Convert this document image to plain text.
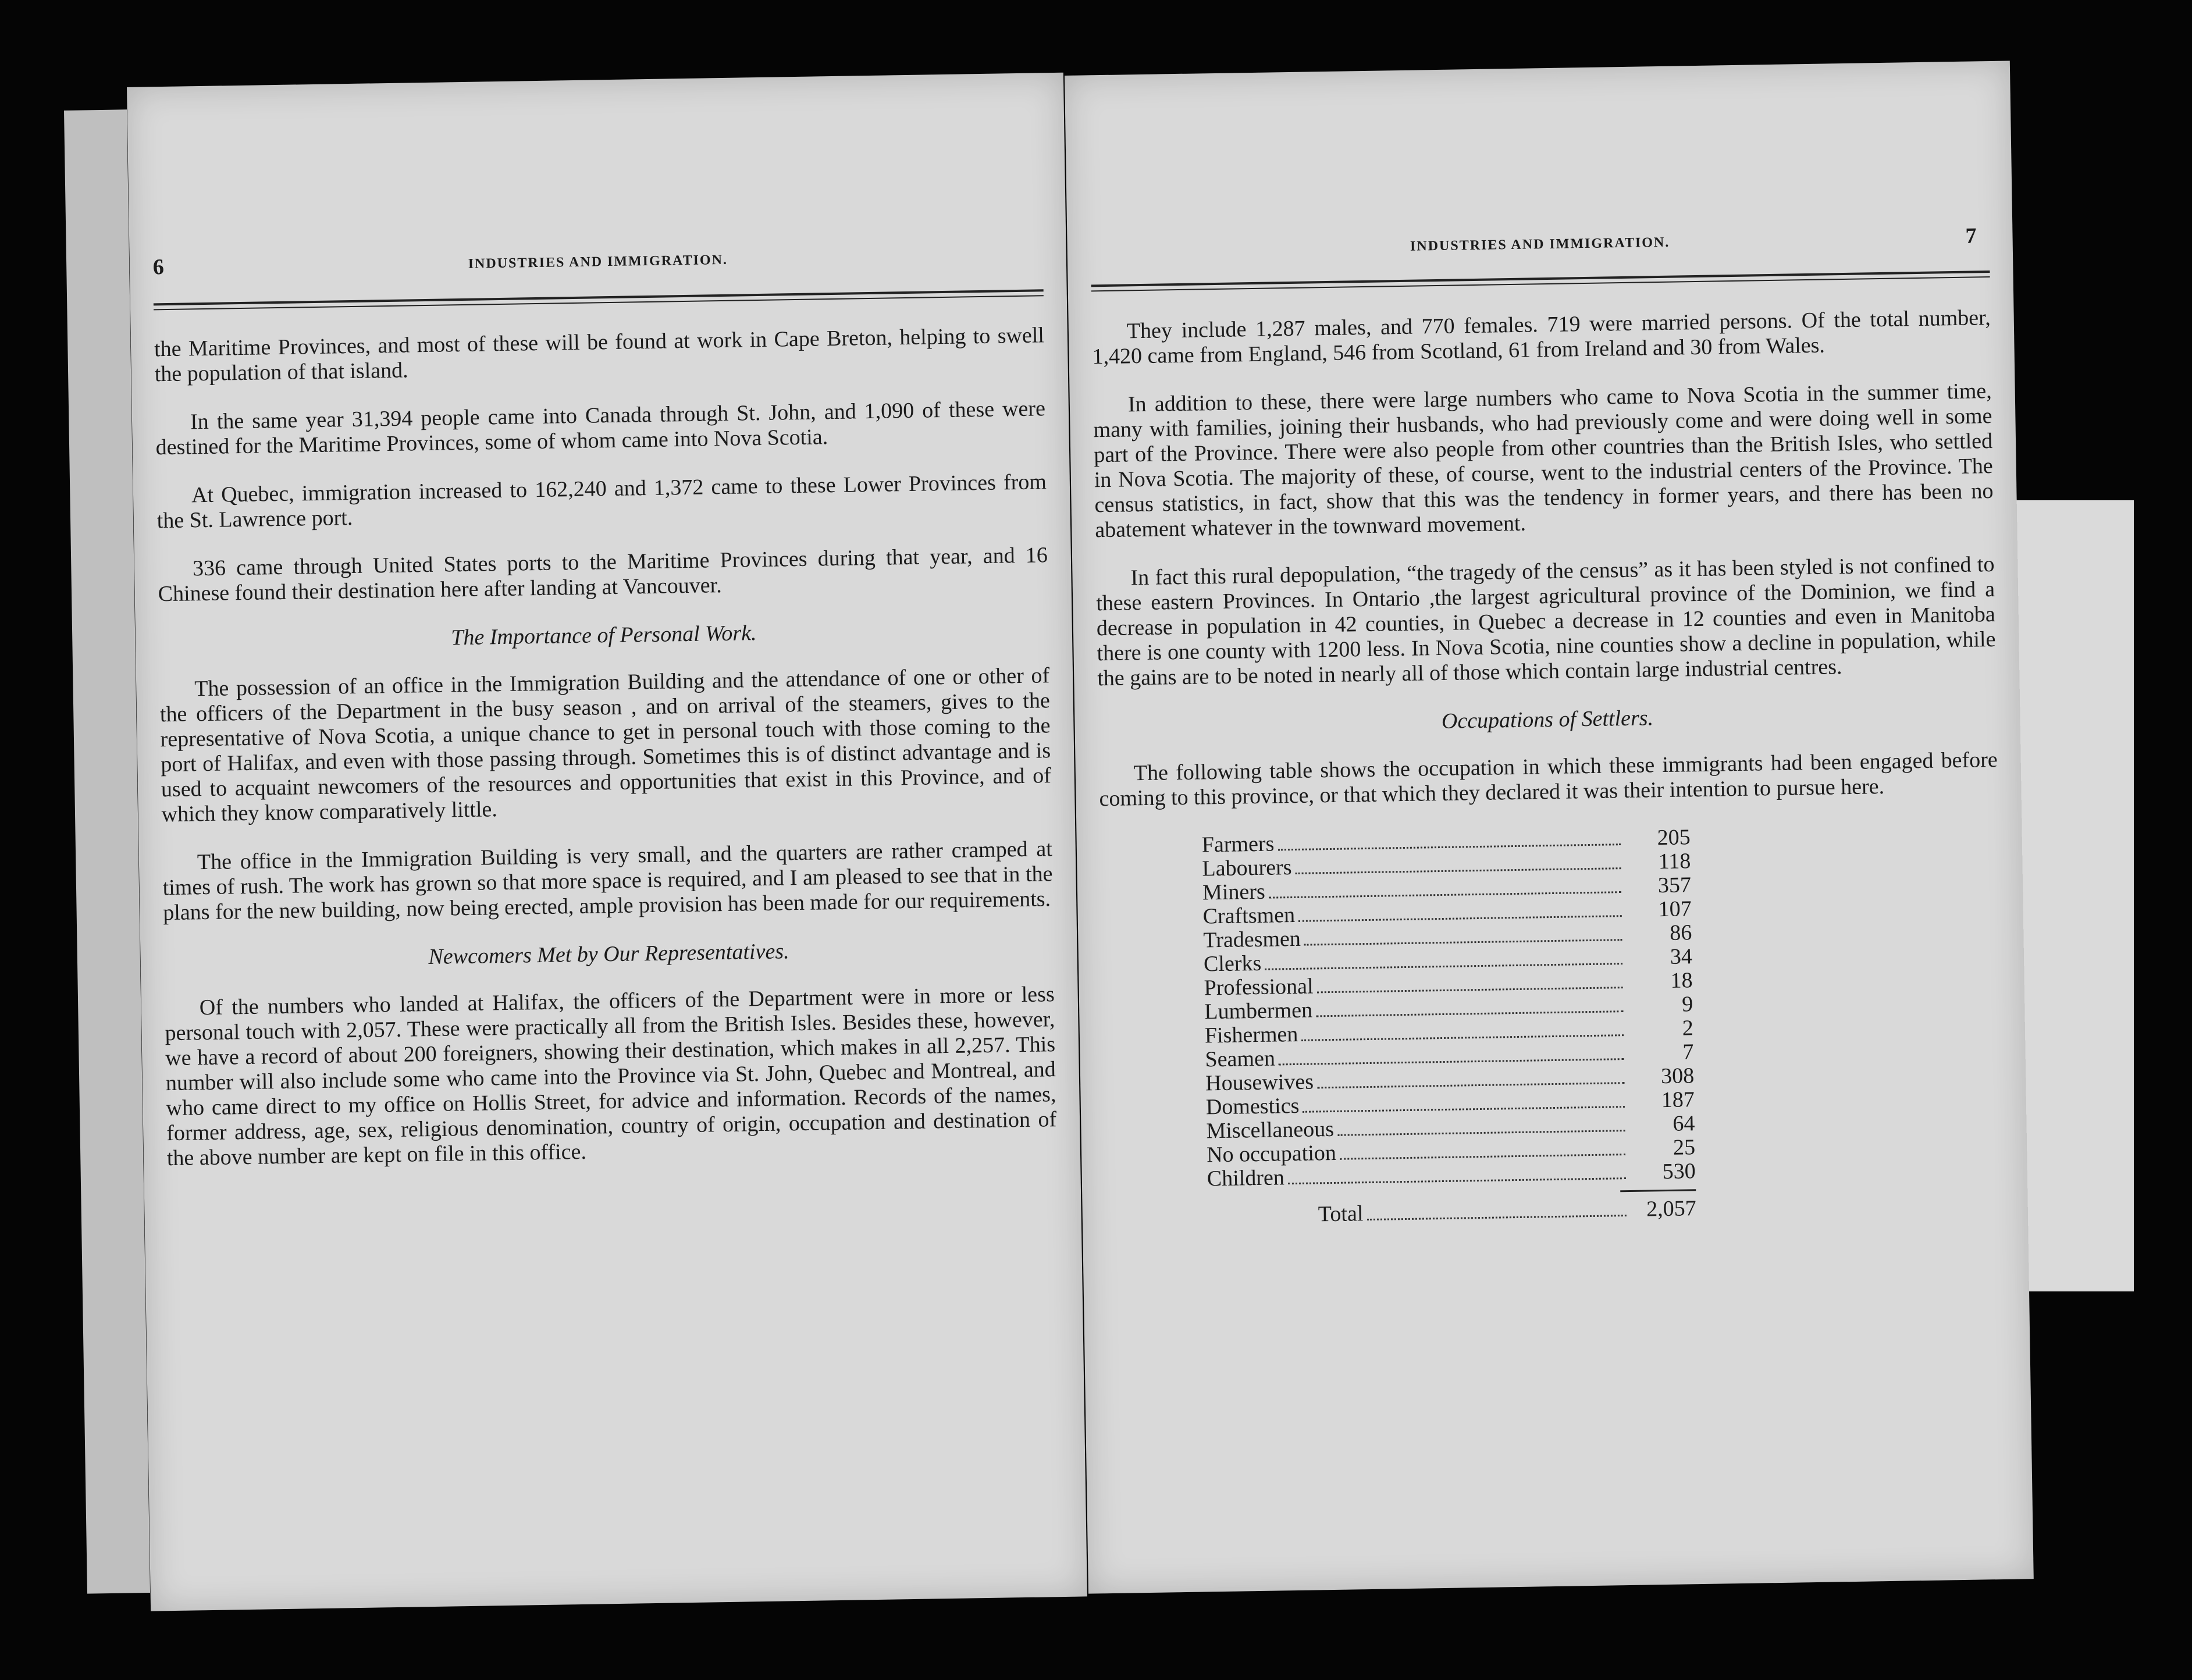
6	INDUSTRIES AND IMMIGRATION.

the Maritime Provinces, and most of these will be found at work in Cape Breton, helping to swell the population of that island.

In the same year 31,394 people came into Canada through St. John, and 1,090 of these were destined for the Maritime Provinces, some of whom came into Nova Scotia.

At Quebec, immigration increased to 162,240 and 1,372 came to these Lower Provinces from the St. Lawrence port.

336 came through United States ports to the Maritime Provinces during that year, and 16 Chinese found their destination here after landing at Vancouver.

The Importance of Personal Work.

The possession of an office in the Immigration Building and the attendance of one or other of the officers of the Department in the busy season , and on arrival of the steamers, gives to the representative of Nova Scotia, a unique chance to get in personal touch with those coming to the port of Halifax, and even with those passing through. Sometimes this is of distinct advantage and is used to acquaint newcomers of the resources and opportunities that exist in this Province, and of which they know comparatively little.

The office in the Immigration Building is very small, and the quarters are rather cramped at times of rush. The work has grown so that more space is required, and I am pleased to see that in the plans for the new building, now being erected, ample provision has been made for our requirements.

Newcomers Met by Our Representatives.

Of the numbers who landed at Halifax, the officers of the Department were in more or less personal touch with 2,057. These were practically all from the British Isles. Besides these, however, we have a record of about 200 foreigners, showing their destination, which makes in all 2,257. This number will also include some who came into the Province via St. John, Quebec and Montreal, and who came direct to my office on Hollis Street, for advice and information. Records of the names, former address, age, sex, religious denomination, country of origin, occupation and destination of the above number are kept on file in this office.

INDUSTRIES AND IMMIGRATION.	7

They include 1,287 males, and 770 females. 719 were married persons. Of the total number, 1,420 came from England, 546 from Scotland, 61 from Ireland and 30 from Wales.

In addition to these, there were large numbers who came to Nova Scotia in the summer time, many with families, joining their husbands, who had previously come and were doing well in some part of the Province. There were also people from other countries than the British Isles, who settled in Nova Scotia. The majority of these, of course, went to the industrial centers of the Province. The census statistics, in fact, show that this was the tendency in former years, and there has been no abatement whatever in the townward movement.

In fact this rural depopulation, “the tragedy of the census” as it has been styled is not confined to these eastern Provinces. In Ontario ,the largest agricultural province of the Dominion, we find a decrease in population in 42 counties, in Quebec a decrease in 12 counties and even in Manitoba there is one county with 1200 less. In Nova Scotia, nine counties show a decline in population, while the gains are to be noted in nearly all of those which contain large industrial centres.

Occupations of Settlers.

The following table shows the occupation in which these immigrants had been engaged before coming to this province, or that which they declared it was their intention to pursue here.

Farmers	205
Labourers	118
Miners	357
Craftsmen	107
Tradesmen	86
Clerks	34
Professional	18
Lumbermen	9
Fishermen	2
Seamen	7
Housewives	308
Domestics	187
Miscellaneous	64
No occupation	25
Children	530
Total	2,057
